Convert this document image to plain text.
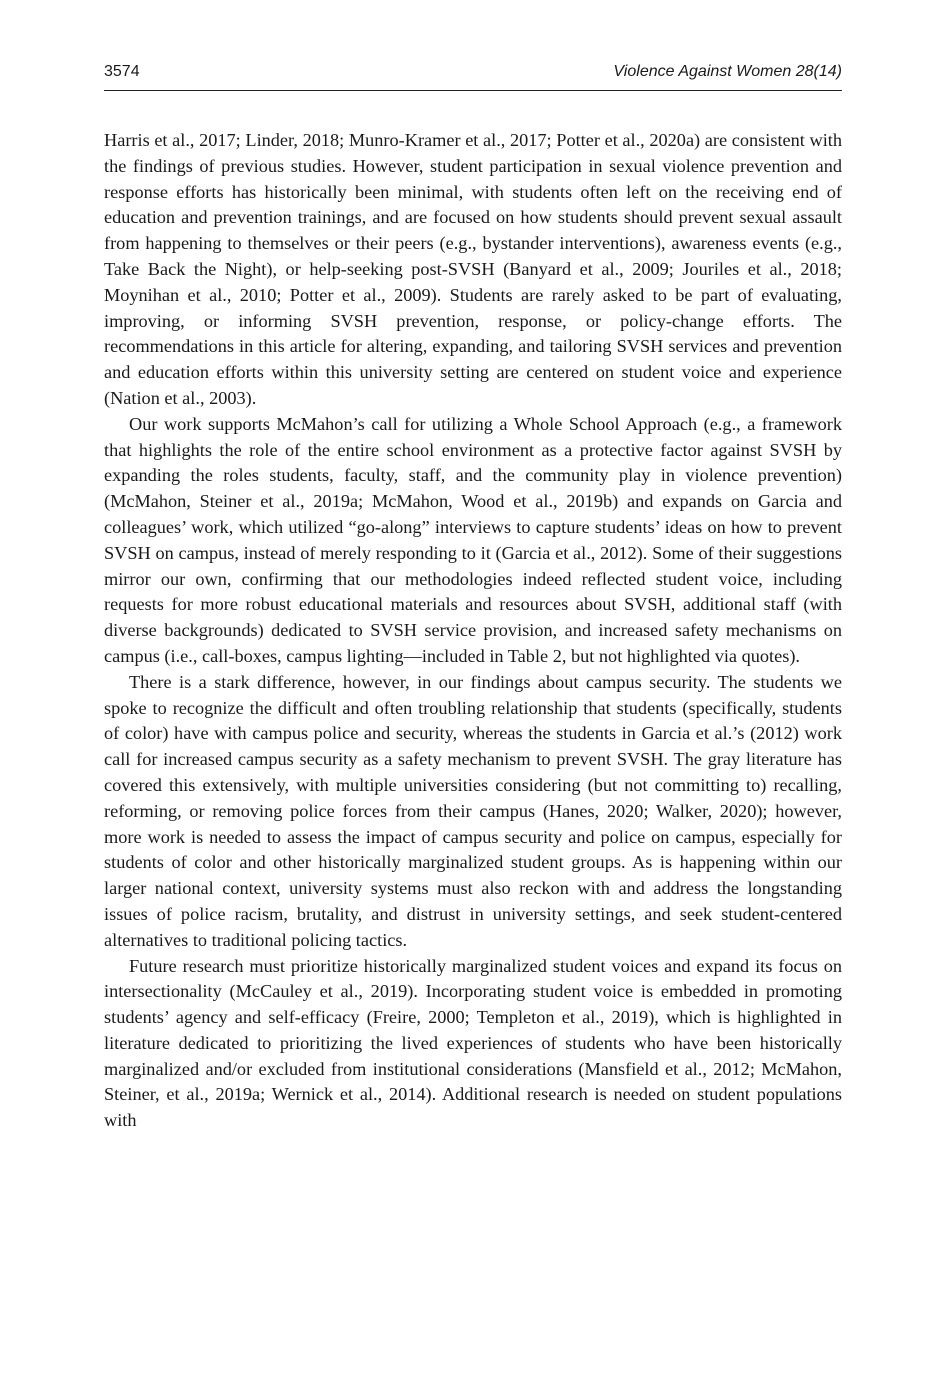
3574	Violence Against Women 28(14)

Harris et al., 2017; Linder, 2018; Munro-Kramer et al., 2017; Potter et al., 2020a) are consistent with the findings of previous studies. However, student participation in sexual violence prevention and response efforts has historically been minimal, with students often left on the receiving end of education and prevention trainings, and are focused on how students should prevent sexual assault from happening to themselves or their peers (e.g., bystander interventions), awareness events (e.g., Take Back the Night), or help-seeking post-SVSH (Banyard et al., 2009; Jouriles et al., 2018; Moynihan et al., 2010; Potter et al., 2009). Students are rarely asked to be part of evaluating, improving, or informing SVSH prevention, response, or policy-change efforts. The recommendations in this article for altering, expanding, and tailoring SVSH services and prevention and education efforts within this university setting are centered on student voice and experience (Nation et al., 2003).

Our work supports McMahon’s call for utilizing a Whole School Approach (e.g., a framework that highlights the role of the entire school environment as a protective factor against SVSH by expanding the roles students, faculty, staff, and the community play in violence prevention) (McMahon, Steiner et al., 2019a; McMahon, Wood et al., 2019b) and expands on Garcia and colleagues’ work, which utilized “go-along” interviews to capture students’ ideas on how to prevent SVSH on campus, instead of merely responding to it (Garcia et al., 2012). Some of their suggestions mirror our own, confirming that our methodologies indeed reflected student voice, including requests for more robust educational materials and resources about SVSH, additional staff (with diverse backgrounds) dedicated to SVSH service provision, and increased safety mechanisms on campus (i.e., call-boxes, campus lighting—included in Table 2, but not highlighted via quotes).

There is a stark difference, however, in our findings about campus security. The students we spoke to recognize the difficult and often troubling relationship that students (specifically, students of color) have with campus police and security, whereas the students in Garcia et al.’s (2012) work call for increased campus security as a safety mechanism to prevent SVSH. The gray literature has covered this extensively, with multiple universities considering (but not committing to) recalling, reforming, or removing police forces from their campus (Hanes, 2020; Walker, 2020); however, more work is needed to assess the impact of campus security and police on campus, especially for students of color and other historically marginalized student groups. As is happening within our larger national context, university systems must also reckon with and address the longstanding issues of police racism, brutality, and distrust in university settings, and seek student-centered alternatives to traditional policing tactics.

Future research must prioritize historically marginalized student voices and expand its focus on intersectionality (McCauley et al., 2019). Incorporating student voice is embedded in promoting students’ agency and self-efficacy (Freire, 2000; Templeton et al., 2019), which is highlighted in literature dedicated to prioritizing the lived experiences of students who have been historically marginalized and/or excluded from institutional considerations (Mansfield et al., 2012; McMahon, Steiner, et al., 2019a; Wernick et al., 2014). Additional research is needed on student populations with
